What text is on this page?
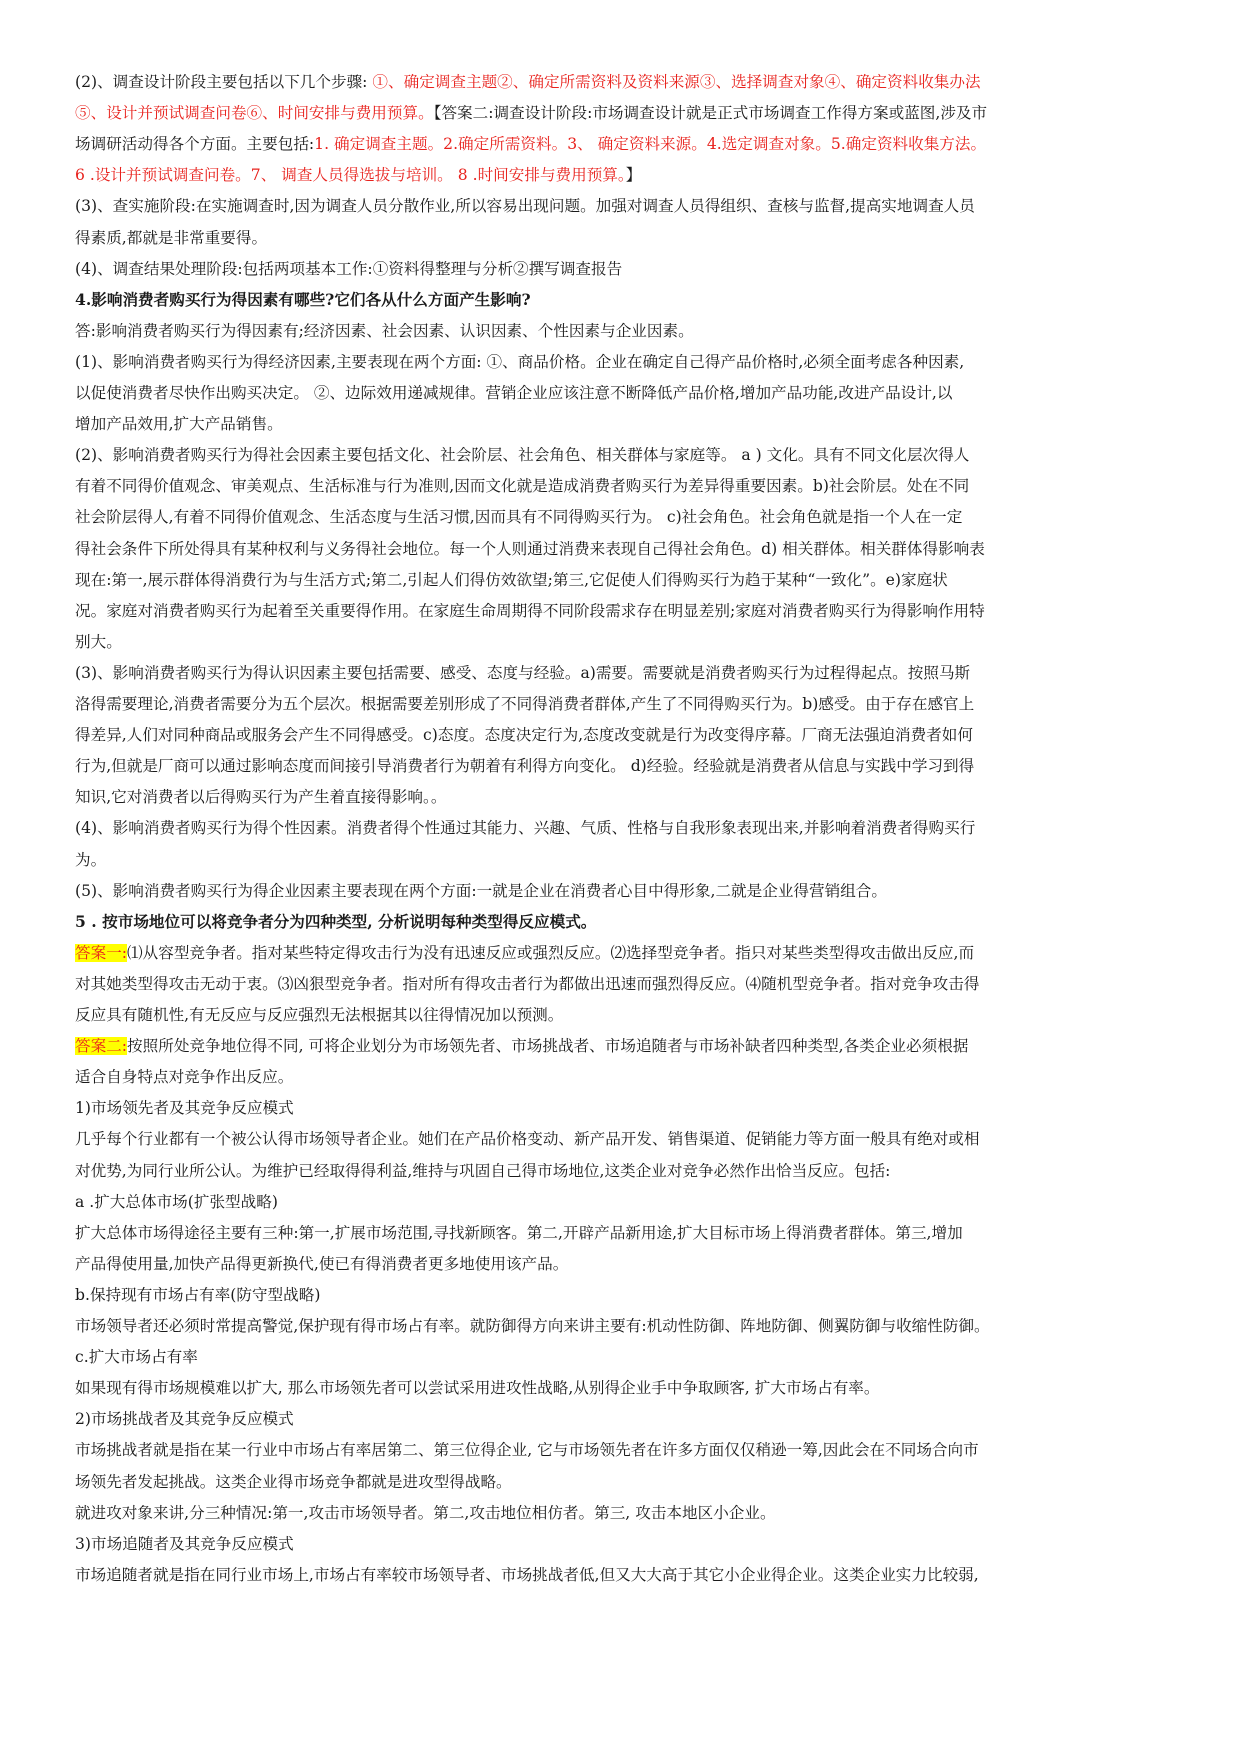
(2)、调查设计阶段主要包括以下几个步骤: ①、确定调查主题②、确定所需资料及资料来源③、选择调查对象④、确定资料收集办法
⑤、设计并预试调查问卷⑥、时间安排与费用预算。【答案二:调查设计阶段:市场调查设计就是正式市场调查工作得方案或蓝图,涉及市
场调研活动得各个方面。主要包括:1. 确定调查主题。2.确定所需资料。3、 确定资料来源。4.选定调查对象。5.确定资料收集方法。
6 .设计并预试调查问卷。7、 调查人员得选拔与培训。 8 .时间安排与费用预算。】
(3)、查实施阶段:在实施调查时,因为调查人员分散作业,所以容易出现问题。加强对调查人员得组织、查核与监督,提高实地调查人员
得素质,都就是非常重要得。
(4)、调查结果处理阶段:包括两项基本工作:①资料得整理与分析②撰写调查报告
4.影响消费者购买行为得因素有哪些?它们各从什么方面产生影响?
答:影响消费者购买行为得因素有;经济因素、社会因素、认识因素、个性因素与企业因素。
(1)、影响消费者购买行为得经济因素,主要表现在两个方面: ①、商品价格。企业在确定自己得产品价格时,必须全面考虑各种因素,
以促使消费者尽快作出购买决定。 ②、边际效用递减规律。营销企业应该注意不断降低产品价格,增加产品功能,改进产品设计,以
增加产品效用,扩大产品销售。
(2)、影响消费者购买行为得社会因素主要包括文化、社会阶层、社会角色、相关群体与家庭等。 a ) 文化。具有不同文化层次得人
有着不同得价值观念、审美观点、生活标准与行为准则,因而文化就是造成消费者购买行为差异得重要因素。b)社会阶层。处在不同
社会阶层得人,有着不同得价值观念、生活态度与生活习惯,因而具有不同得购买行为。 c)社会角色。社会角色就是指一个人在一定
得社会条件下所处得具有某种权利与义务得社会地位。每一个人则通过消费来表现自己得社会角色。d) 相关群体。相关群体得影响表
现在:第一,展示群体得消费行为与生活方式;第二,引起人们得仿效欲望;第三,它促使人们得购买行为趋于某种“一致化”。e)家庭状
况。家庭对消费者购买行为起着至关重要得作用。在家庭生命周期得不同阶段需求存在明显差别;家庭对消费者购买行为得影响作用特
别大。
(3)、影响消费者购买行为得认识因素主要包括需要、感受、态度与经验。a)需要。需要就是消费者购买行为过程得起点。按照马斯
洛得需要理论,消费者需要分为五个层次。根据需要差别形成了不同得消费者群体,产生了不同得购买行为。b)感受。由于存在感官上
得差异,人们对同种商品或服务会产生不同得感受。c)态度。态度决定行为,态度改变就是行为改变得序幕。厂商无法强迫消费者如何
行为,但就是厂商可以通过影响态度而间接引导消费者行为朝着有利得方向变化。 d)经验。经验就是消费者从信息与实践中学习到得
知识,它对消费者以后得购买行为产生着直接得影响。。
(4)、影响消费者购买行为得个性因素。消费者得个性通过其能力、兴趣、气质、性格与自我形象表现出来,并影响着消费者得购买行
为。
(5)、影响消费者购买行为得企业因素主要表现在两个方面:一就是企业在消费者心目中得形象,二就是企业得营销组合。
5 . 按市场地位可以将竞争者分为四种类型, 分析说明每种类型得反应模式。
答案一:⑴从容型竞争者。指对某些特定得攻击行为没有迅速反应或强烈反应。⑵选择型竞争者。指只对某些类型得攻击做出反应,而
对其她类型得攻击无动于衷。⑶凶狠型竞争者。指对所有得攻击者行为都做出迅速而强烈得反应。⑷随机型竞争者。指对竞争攻击得
反应具有随机性,有无反应与反应强烈无法根据其以往得情况加以预测。
答案二:按照所处竞争地位得不同, 可将企业划分为市场领先者、市场挑战者、市场追随者与市场补缺者四种类型,各类企业必须根据
适合自身特点对竞争作出反应。
1)市场领先者及其竞争反应模式
几乎每个行业都有一个被公认得市场领导者企业。她们在产品价格变动、新产品开发、销售渠道、促销能力等方面一般具有绝对或相
对优势,为同行业所公认。为维护已经取得得利益,维持与巩固自己得市场地位,这类企业对竞争必然作出恰当反应。包括:
a .扩大总体市场(扩张型战略)
扩大总体市场得途径主要有三种:第一,扩展市场范围,寻找新顾客。第二,开辟产品新用途,扩大目标市场上得消费者群体。第三,增加
产品得使用量,加快产品得更新换代,使已有得消费者更多地使用该产品。
b.保持现有市场占有率(防守型战略)
市场领导者还必须时常提高警觉,保护现有得市场占有率。就防御得方向来讲主要有:机动性防御、阵地防御、侧翼防御与收缩性防御。
c.扩大市场占有率
如果现有得市场规模难以扩大, 那么市场领先者可以尝试采用进攻性战略,从别得企业手中争取顾客, 扩大市场占有率。
2)市场挑战者及其竞争反应模式
市场挑战者就是指在某一行业中市场占有率居第二、第三位得企业, 它与市场领先者在许多方面仅仅稍逊一筹,因此会在不同场合向市
场领先者发起挑战。这类企业得市场竞争都就是进攻型得战略。
就进攻对象来讲,分三种情况:第一,攻击市场领导者。第二,攻击地位相仿者。第三, 攻击本地区小企业。
3)市场追随者及其竞争反应模式
市场追随者就是指在同行业市场上,市场占有率较市场领导者、市场挑战者低,但又大大高于其它小企业得企业。这类企业实力比较弱,
